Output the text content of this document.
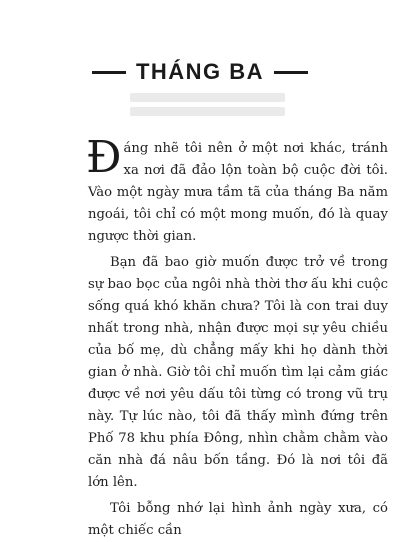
THÁNG BA

Đáng nhẽ tôi nên ở một nơi khác, tránh xa nơi đã đảo lộn toàn bộ cuộc đời tôi. Vào một ngày mưa tầm tã của tháng Ba năm ngoái, tôi chỉ có một mong muốn, đó là quay ngược thời gian.

Bạn đã bao giờ muốn được trở về trong sự bao bọc của ngôi nhà thời thơ ấu khi cuộc sống quá khó khăn chưa? Tôi là con trai duy nhất trong nhà, nhận được mọi sự yêu chiều của bố mẹ, dù chẳng mấy khi họ dành thời gian ở nhà. Giờ tôi chỉ muốn tìm lại cảm giác được về nơi yêu dấu tôi từng có trong vũ trụ này. Tự lúc nào, tôi đã thấy mình đứng trên Phố 78 khu phía Đông, nhìn chằm chằm vào căn nhà đá nâu bốn tầng. Đó là nơi tôi đã lớn lên.

Tôi bỗng nhớ lại hình ảnh ngày xưa, có một chiếc cần
